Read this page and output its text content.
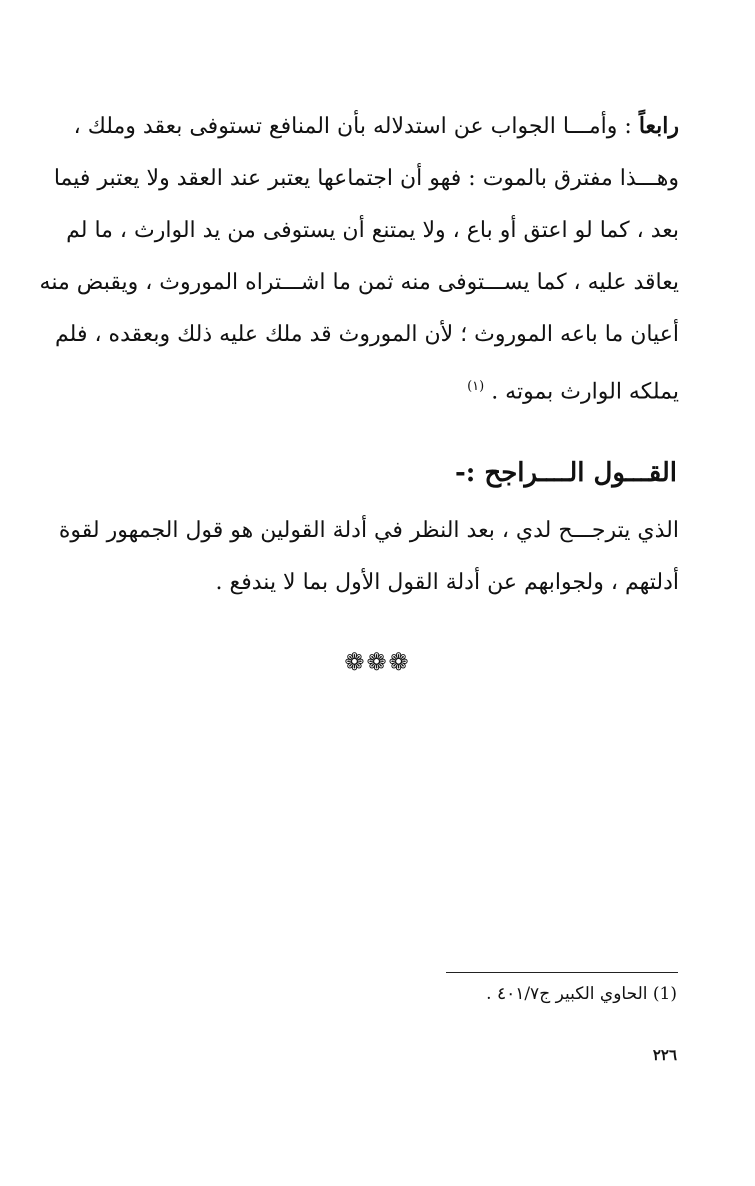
رابعاً : وأمـــا الجواب عن استدلاله بأن المنافع تستوفى بعقد وملك ،
وهـــذا مفترق بالموت : فهو أن اجتماعها يعتبر عند العقد ولا يعتبر فيما
بعد ، كما لو اعتق أو باع ، ولا يمتنع أن يستوفى من يد الوارث ، ما لم
يعاقد عليه ، كما يســـتوفى منه ثمن ما اشـــتراه الموروث ، ويقبض منه
أعيان ما باعه الموروث ؛ لأن الموروث قد ملك عليه ذلك وبعقده ، فلم
يملكه الوارث بموته . $^{(١)}$
القـــول الــــراجح :-
الذي يترجـــح لدي ، بعد النظر في أدلة القولين هو قول الجمهور لقوة
أدلتهم ، ولجوابهم عن أدلة القول الأول بما لا يندفع .
❁❁❁
(1) الحاوي الكبير ج٤٠١/٧ .
٢٢٦
